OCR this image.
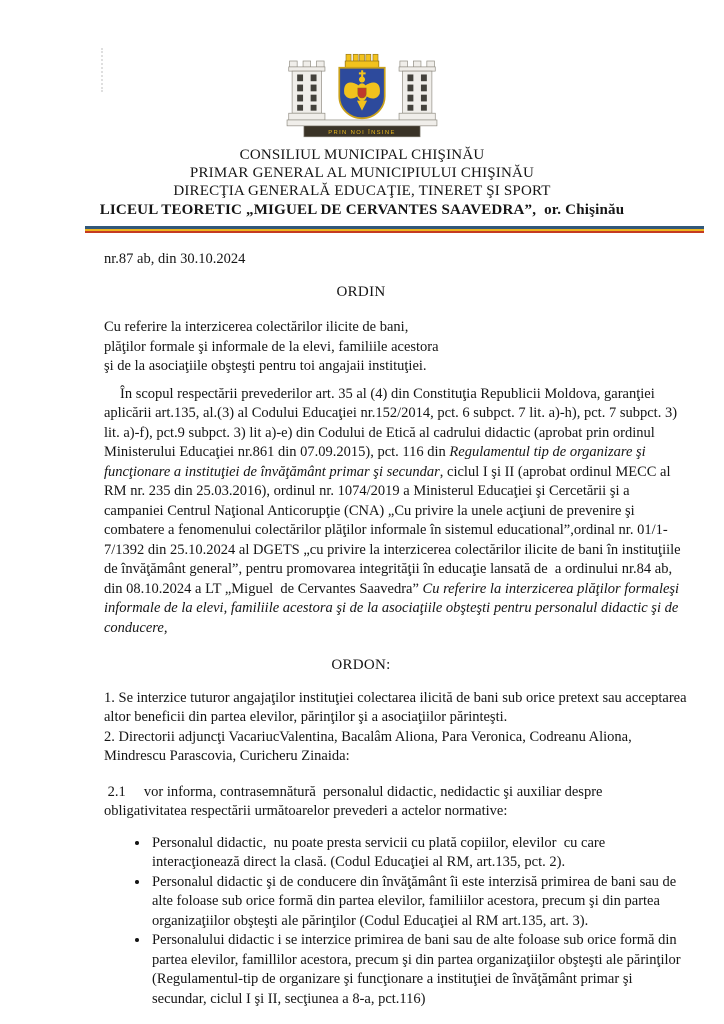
PRIN NOI ÎNSINE
CONSILIUL MUNICIPAL CHIŞINĂU
PRIMAR GENERAL AL MUNICIPIULUI CHIŞINĂU
DIRECŢIA GENERALĂ EDUCAŢIE, TINERET ŞI SPORT
LICEUL TEORETIC „MIGUEL DE CERVANTES SAAVEDRA”,  or. Chişinău

nr.87 ab, din 30.10.2024

ORDIN
Cu referire la interzicerea colectărilor ilicite de bani,
plăţilor formale şi informale de la elevi, familiile acestora
şi de la asociaţiile obşteşti pentru toi angajaii instituţiei.

În scopul respectării prevederilor art. 35 al (4) din Constituţia Republicii Moldova, garanţiei aplicării art.135, al.(3) al Codului Educaţiei nr.152/2014, pct. 6 subpct. 7 lit. a)-h), pct. 7 subpct. 3) lit. a)-f), pct.9 subpct. 3) lit a)-e) din Codului de Etică al cadrului didactic (aprobat prin ordinul Ministerului Educaţiei nr.861 din 07.09.2015), pct. 116 din Regulamentul tip de organizare şi funcţionare a instituţiei de învăţământ primar şi secundar, ciclul I şi II (aprobat ordinul MECC al RM nr. 235 din 25.03.2016), ordinul nr. 1074/2019 a Ministerul Educaţiei şi Cercetării şi a campaniei Centrul Naţional Anticorupţie (CNA) „Cu privire la unele acţiuni de prevenire şi combatere a fenomenului colectărilor plăţilor informale în sistemul educational”,ordinal nr. 01/1-7/1392 din 25.10.2024 al DGETS „cu privire la interzicerea colectărilor ilicite de bani în instituţiile de învăţământ general”, pentru promovarea integrităţii în educaţie lansată de  a ordinului nr.84 ab, din 08.10.2024 a LT „Miguel  de Cervantes Saavedra” Cu referire la interzicerea plăţilor formaleşi informale de la elevi, familiile acestora şi de la asociaţiile obşteşti pentru personalul didactic şi de conducere,

ORDON:

1. Se interzice tuturor angajaţilor instituţiei colectarea ilicită de bani sub orice pretext sau acceptarea altor beneficii din partea elevilor, părinţilor şi a asociaţiilor părinteşti.

2. Directorii adjuncţi VacariucValentina, Bacalâm Aliona, Para Veronica, Codreanu Aliona, Mindrescu Parascovia, Curicheru Zinaida:

2.1     vor informa, contrasemnătură  personalul didactic, nedidactic şi auxiliar despre obligativitatea respectării următoarelor prevederi a actelor normative:

• Personalul didactic,  nu poate presta servicii cu plată copiilor, elevilor  cu care interacţionează direct la clasă. (Codul Educaţiei al RM, art.135, pct. 2).
• Personalul didactic şi de conducere din învăţământ îi este interzisă primirea de bani sau de alte foloase sub orice formă din partea elevilor, familiilor acestora, precum şi din partea organizaţiilor obşteşti ale părinţilor (Codul Educaţiei al RM art.135, art. 3).
• Personalului didactic i se interzice primirea de bani sau de alte foloase sub orice formă din partea elevilor, famillilor acestora, precum şi din partea organizaţiilor obşteşti ale părinţilor (Regulamentul-tip de organizare şi funcţionare a instituţiei de învăţământ primar şi secundar, ciclul I şi II, secţiunea a 8-a, pct.116)
